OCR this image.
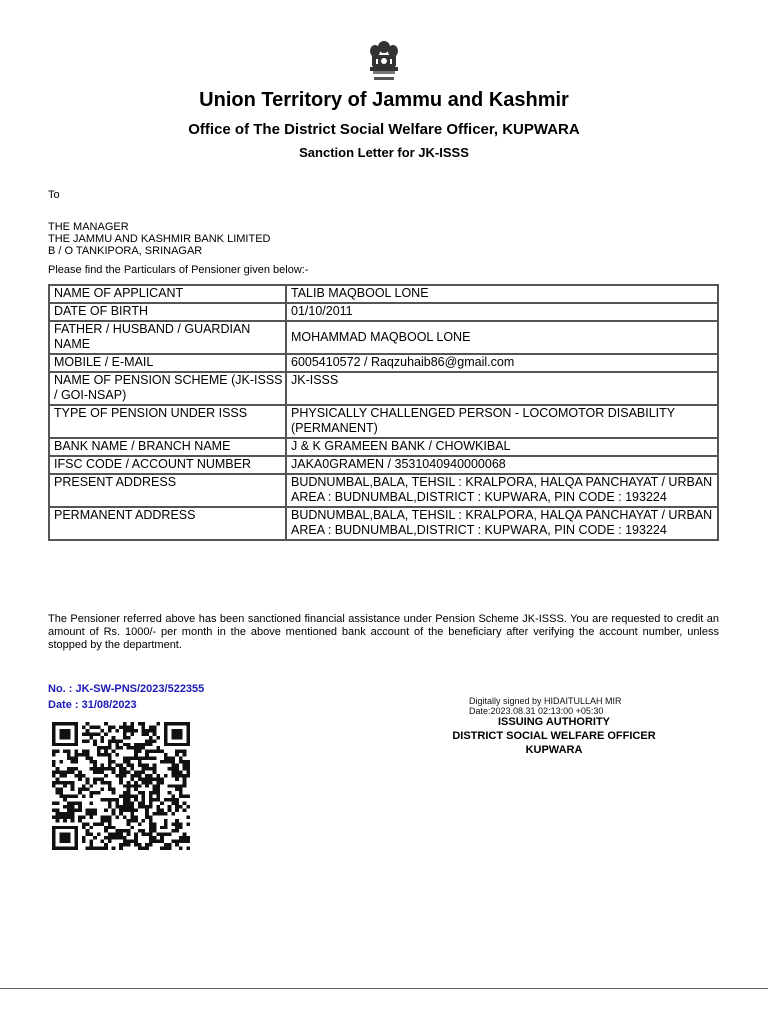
Union Territory of Jammu and Kashmir
Office of The District Social Welfare Officer, KUPWARA
Sanction Letter for JK-ISSS
To
THE MANAGER
THE JAMMU AND KASHMIR BANK LIMITED
B / O TANKIPORA, SRINAGAR
Please find the Particulars of Pensioner given below:-
NAME OF APPLICANT	TALIB MAQBOOL LONE
DATE OF BIRTH	01/10/2011
FATHER / HUSBAND / GUARDIAN NAME	MOHAMMAD MAQBOOL LONE
MOBILE / E-MAIL	6005410572 / Raqzuhaib86@gmail.com
NAME OF PENSION SCHEME (JK-ISSS / GOI-NSAP)	JK-ISSS
TYPE OF PENSION UNDER ISSS	PHYSICALLY CHALLENGED PERSON - LOCOMOTOR DISABILITY (PERMANENT)
BANK NAME / BRANCH NAME	J & K GRAMEEN BANK / CHOWKIBAL
IFSC CODE / ACCOUNT NUMBER	JAKA0GRAMEN / 3531040940000068
PRESENT ADDRESS	BUDNUMBAL,BALA, TEHSIL : KRALPORA, HALQA PANCHAYAT / URBAN AREA : BUDNUMBAL,DISTRICT : KUPWARA, PIN CODE : 193224
PERMANENT ADDRESS	BUDNUMBAL,BALA, TEHSIL : KRALPORA, HALQA PANCHAYAT / URBAN AREA : BUDNUMBAL,DISTRICT : KUPWARA, PIN CODE : 193224
The Pensioner referred above has been sanctioned financial assistance under Pension Scheme JK-ISSS. You are requested to credit an amount of Rs. 1000/- per month in the above mentioned bank account of the beneficiary after verifying the account number, unless stopped by the department.
No. : JK-SW-PNS/2023/522355
Date : 31/08/2023	Digitally signed by HIDAITULLAH MIR
Date:2023.08.31 02:13:00 +05:30
ISSUING AUTHORITY
DISTRICT SOCIAL WELFARE OFFICER
KUPWARA
